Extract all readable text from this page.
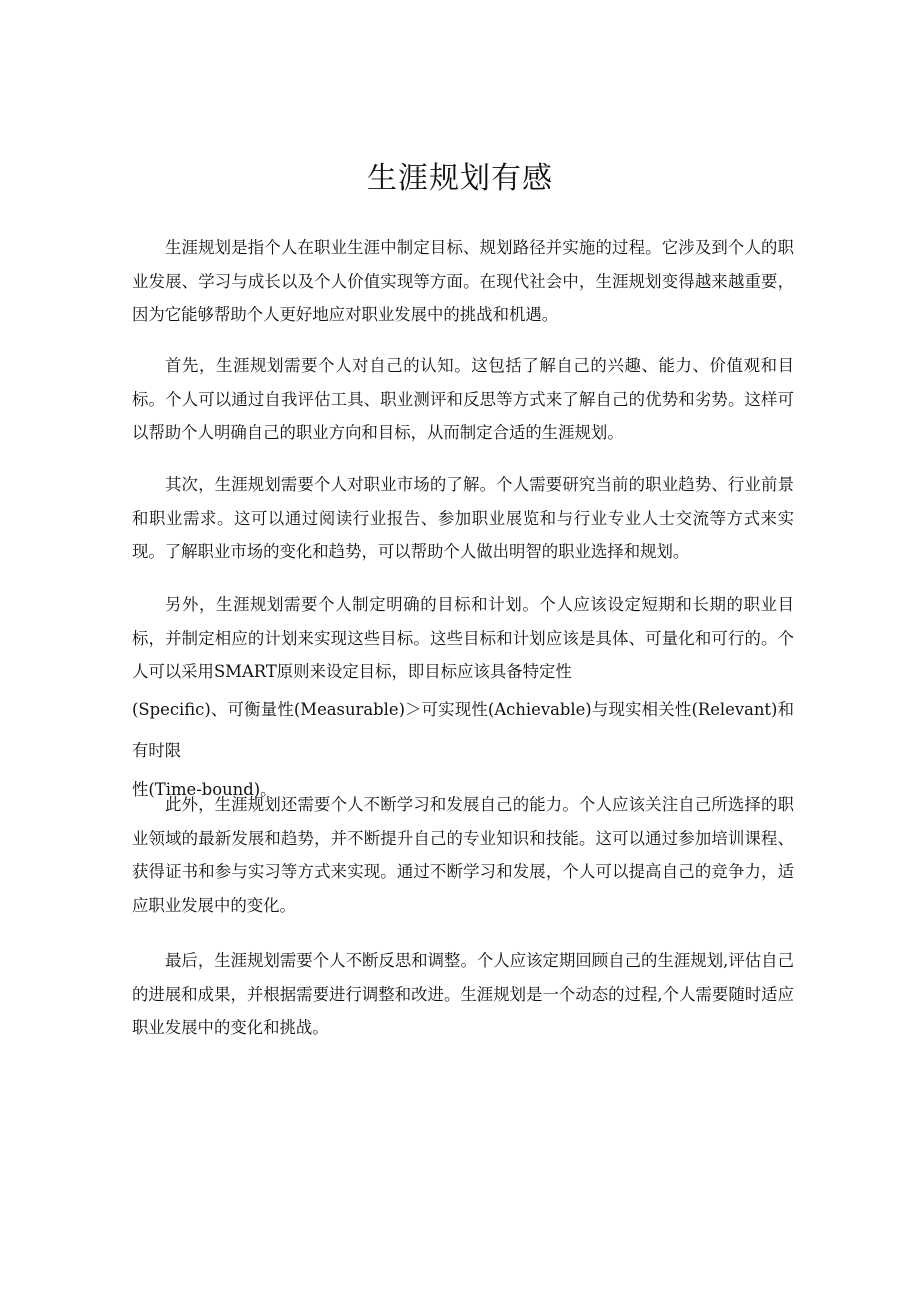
生涯规划有感

生涯规划是指个人在职业生涯中制定目标、规划路径并实施的过程。它涉及到个人的职业发展、学习与成长以及个人价值实现等方面。在现代社会中，生涯规划变得越来越重要，因为它能够帮助个人更好地应对职业发展中的挑战和机遇。

首先，生涯规划需要个人对自己的认知。这包括了解自己的兴趣、能力、价值观和目标。个人可以通过自我评估工具、职业测评和反思等方式来了解自己的优势和劣势。这样可以帮助个人明确自己的职业方向和目标，从而制定合适的生涯规划。

其次，生涯规划需要个人对职业市场的了解。个人需要研究当前的职业趋势、行业前景和职业需求。这可以通过阅读行业报告、参加职业展览和与行业专业人士交流等方式来实现。了解职业市场的变化和趋势，可以帮助个人做出明智的职业选择和规划。

另外，生涯规划需要个人制定明确的目标和计划。个人应该设定短期和长期的职业目标，并制定相应的计划来实现这些目标。这些目标和计划应该是具体、可量化和可行的。个人可以采用SMART原则来设定目标，即目标应该具备特定性
(Specific)、可衡量性(Measurable)＞可实现性(Achievable)与现实相关性(Relevant)和有时限
性(Time-bound)。

此外，生涯规划还需要个人不断学习和发展自己的能力。个人应该关注自己所选择的职业领域的最新发展和趋势，并不断提升自己的专业知识和技能。这可以通过参加培训课程、获得证书和参与实习等方式来实现。通过不断学习和发展，个人可以提高自己的竞争力，适应职业发展中的变化。

最后，生涯规划需要个人不断反思和调整。个人应该定期回顾自己的生涯规划,评估自己的进展和成果，并根据需要进行调整和改进。生涯规划是一个动态的过程,个人需要随时适应职业发展中的变化和挑战。
